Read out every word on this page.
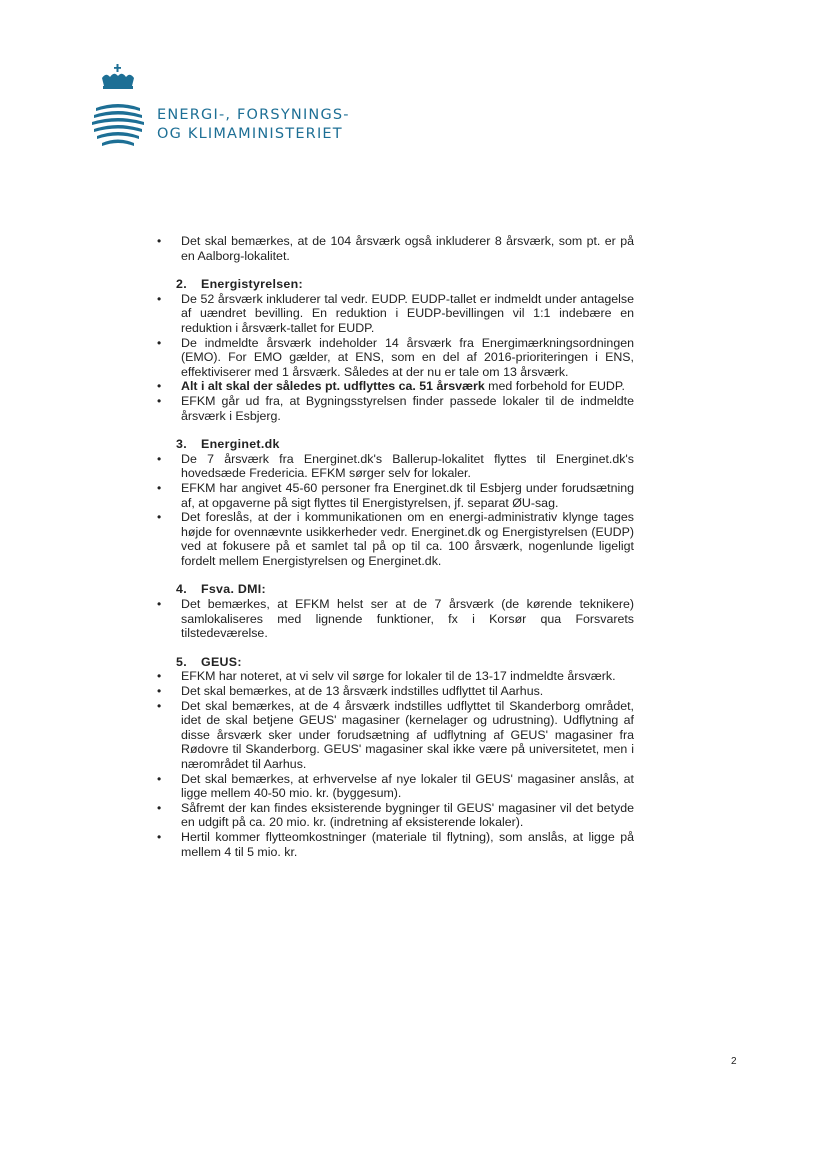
ENERGI-, FORSYNINGS-
OG KLIMAMINISTERIET
• Det skal bemærkes, at de 104 årsværk også inkluderer 8 årsværk, som pt. er på en Aalborg-lokalitet.
2. Energistyrelsen:
• De 52 årsværk inkluderer tal vedr. EUDP. EUDP-tallet er indmeldt under antagelse af uændret bevilling. En reduktion i EUDP-bevillingen vil 1:1 indebære en reduktion i årsværk-tallet for EUDP.
• De indmeldte årsværk indeholder 14 årsværk fra Energimærkningsordningen (EMO). For EMO gælder, at ENS, som en del af 2016-prioriteringen i ENS, effektiviserer med 1 årsværk. Således at der nu er tale om 13 årsværk.
• Alt i alt skal der således pt. udflyttes ca. 51 årsværk med forbehold for EUDP.
• EFKM går ud fra, at Bygningsstyrelsen finder passede lokaler til de indmeldte årsværk i Esbjerg.
3. Energinet.dk
• De 7 årsværk fra Energinet.dk's Ballerup-lokalitet flyttes til Energinet.dk's hovedsæde Fredericia. EFKM sørger selv for lokaler.
• EFKM har angivet 45-60 personer fra Energinet.dk til Esbjerg under forudsætning af, at opgaverne på sigt flyttes til Energistyrelsen, jf. separat ØU-sag.
• Det foreslås, at der i kommunikationen om en energi-administrativ klynge tages højde for ovennævnte usikkerheder vedr. Energinet.dk og Energistyrelsen (EUDP) ved at fokusere på et samlet tal på op til ca. 100 årsværk, nogenlunde ligeligt fordelt mellem Energistyrelsen og Energinet.dk.
4. Fsva. DMI:
• Det bemærkes, at EFKM helst ser at de 7 årsværk (de kørende teknikere) samlokaliseres med lignende funktioner, fx i Korsør qua Forsvarets tilstedeværelse.
5. GEUS:
• EFKM har noteret, at vi selv vil sørge for lokaler til de 13-17 indmeldte årsværk.
• Det skal bemærkes, at de 13 årsværk indstilles udflyttet til Aarhus.
• Det skal bemærkes, at de 4 årsværk indstilles udflyttet til Skanderborg området, idet de skal betjene GEUS' magasiner (kernelager og udrustning). Udflytning af disse årsværk sker under forudsætning af udflytning af GEUS' magasiner fra Rødovre til Skanderborg. GEUS' magasiner skal ikke være på universitetet, men i nærområdet til Aarhus.
• Det skal bemærkes, at erhvervelse af nye lokaler til GEUS' magasiner anslås, at ligge mellem 40-50 mio. kr. (byggesum).
• Såfremt der kan findes eksisterende bygninger til GEUS' magasiner vil det betyde en udgift på ca. 20 mio. kr. (indretning af eksisterende lokaler).
• Hertil kommer flytteomkostninger (materiale til flytning), som anslås, at ligge på mellem 4 til 5 mio. kr.
2
